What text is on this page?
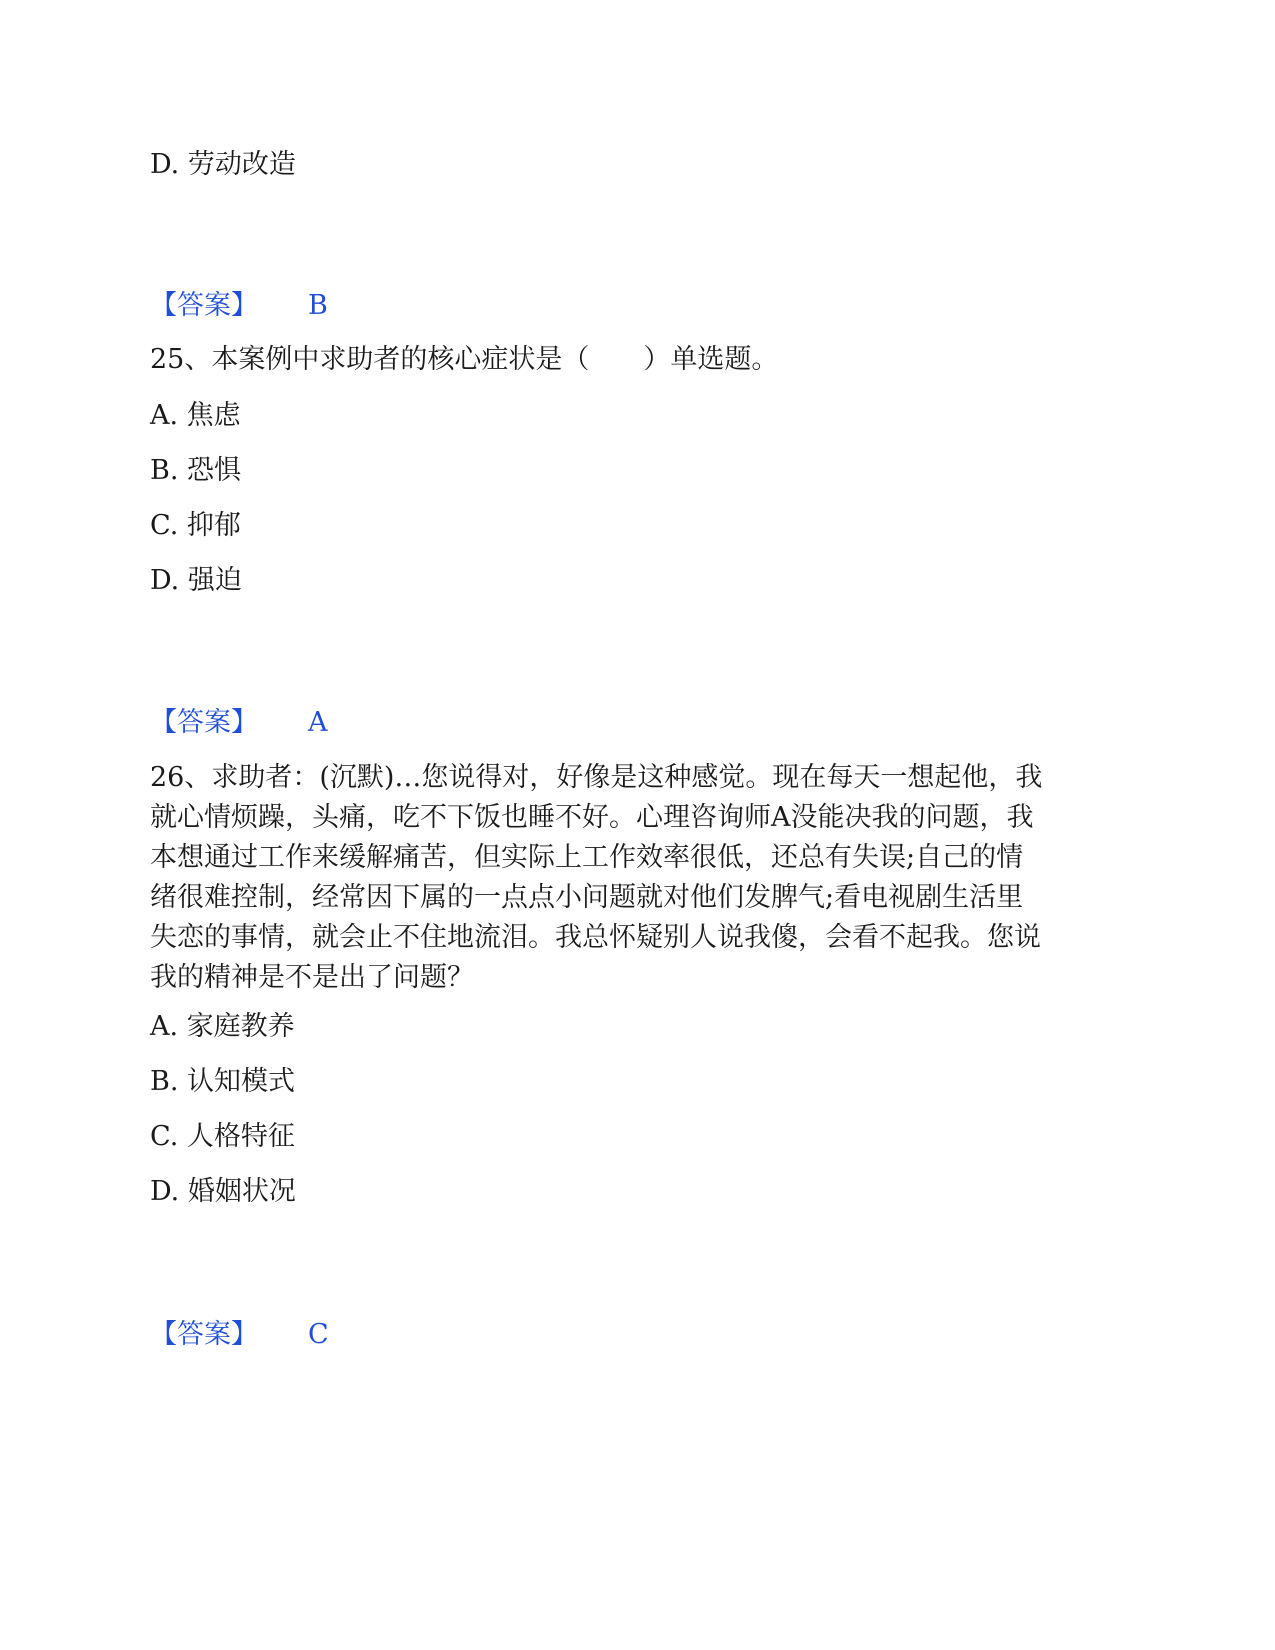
D. 劳动改造
【答案】 B
25、本案例中求助者的核心症状是（　　）单选题。
A. 焦虑
B. 恐惧
C. 抑郁
D. 强迫
【答案】 A
26、求助者：(沉默)…您说得对，好像是这种感觉。现在每天一想起他，我
就心情烦躁，头痛，吃不下饭也睡不好。心理咨询师A没能决我的问题，我
本想通过工作来缓解痛苦，但实际上工作效率很低，还总有失误;自己的情
绪很难控制，经常因下属的一点点小问题就对他们发脾气;看电视剧生活里
失恋的事情，就会止不住地流泪。我总怀疑别人说我傻，会看不起我。您说
我的精神是不是出了问题？
A. 家庭教养
B. 认知模式
C. 人格特征
D. 婚姻状况
【答案】 C
